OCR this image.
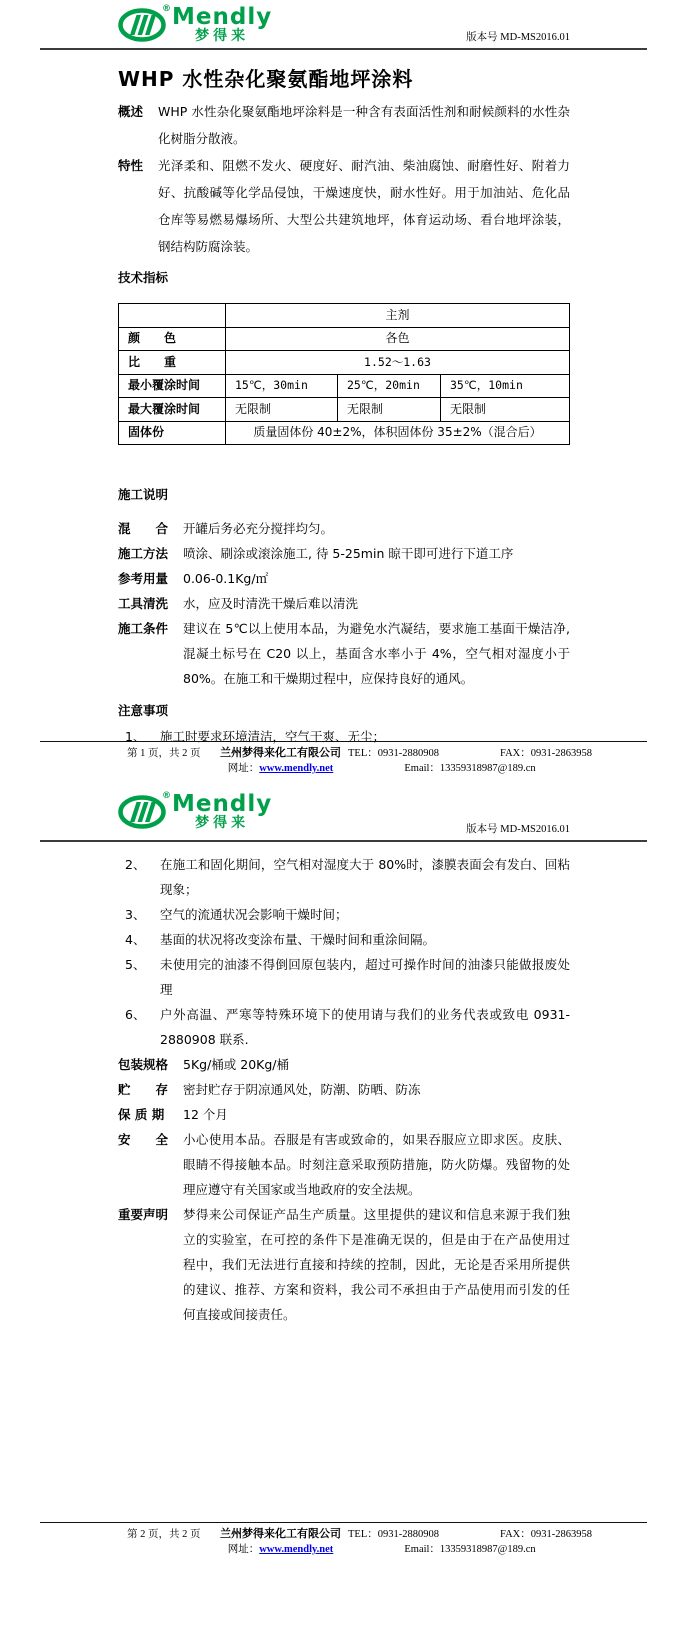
® Mendly
梦得来	版本号 MD-MS2016.01
WHP 水性杂化聚氨酯地坪涂料
概述	WHP 水性杂化聚氨酯地坪涂料是一种含有表面活性剂和耐候颜料的水性杂化树脂分散液。
特性	光泽柔和、阻燃不发火、硬度好、耐汽油、柴油腐蚀、耐磨性好、附着力好、抗酸碱等化学品侵蚀，干燥速度快，耐水性好。用于加油站、危化品仓库等易燃易爆场所、大型公共建筑地坪，体育运动场、看台地坪涂装，钢结构防腐涂装。
技术指标
	主剂		
颜　　色	各色		
比　　重	1.52～1.63		
最小覆涂时间	15℃，30min	25℃，20min	35℃，10min
最大覆涂时间	无限制	无限制	无限制
固体份	质量固体份 40±2%，体积固体份 35±2%（混合后）		
施工说明
混　　合	开罐后务必充分搅拌均匀。
施工方法	喷涂、刷涂或滚涂施工, 待 5-25min 晾干即可进行下道工序
参考用量	0.06-0.1Kg/㎡
工具清洗	水，应及时清洗干燥后难以清洗
施工条件	建议在 5℃以上使用本品，为避免水汽凝结，要求施工基面干燥洁净, 混凝土标号在 C20 以上，基面含水率小于 4%，空气相对湿度小于 80%。在施工和干燥期过程中，应保持良好的通风。
注意事项
1、	施工时要求环境清洁，空气干爽、无尘；
第 1 页，共 2 页	兰州梦得来化工有限公司
网址：www.mendly.net
TEL：0931-2880908	FAX：0931-2863958
Email：13359318987@189.cn
® Mendly
梦得来	版本号 MD-MS2016.01
2、	在施工和固化期间，空气相对湿度大于 80%时，漆膜表面会有发白、回粘现象；
3、	空气的流通状况会影响干燥时间；
4、	基面的状况将改变涂布量、干燥时间和重涂间隔。
5、	未使用完的油漆不得倒回原包装内，超过可操作时间的油漆只能做报废处理
6、	户外高温、严寒等特殊环境下的使用请与我们的业务代表或致电 0931-2880908 联系.
包装规格	5Kg/桶或 20Kg/桶
贮　　存	密封贮存于阴凉通风处，防潮、防晒、防冻
保 质 期	12 个月
安　　全	小心使用本品。吞服是有害或致命的，如果吞服应立即求医。皮肤、眼睛不得接触本品。时刻注意采取预防措施，防火防爆。残留物的处理应遵守有关国家或当地政府的安全法规。
重要声明	梦得来公司保证产品生产质量。这里提供的建议和信息来源于我们独立的实验室，在可控的条件下是准确无误的，但是由于在产品使用过程中，我们无法进行直接和持续的控制，因此，无论是否采用所提供的建议、推荐、方案和资料，我公司不承担由于产品使用而引发的任何直接或间接责任。
第 2 页，共 2 页	兰州梦得来化工有限公司
网址：www.mendly.net
TEL：0931-2880908	FAX：0931-2863958
Email：13359318987@189.cn
